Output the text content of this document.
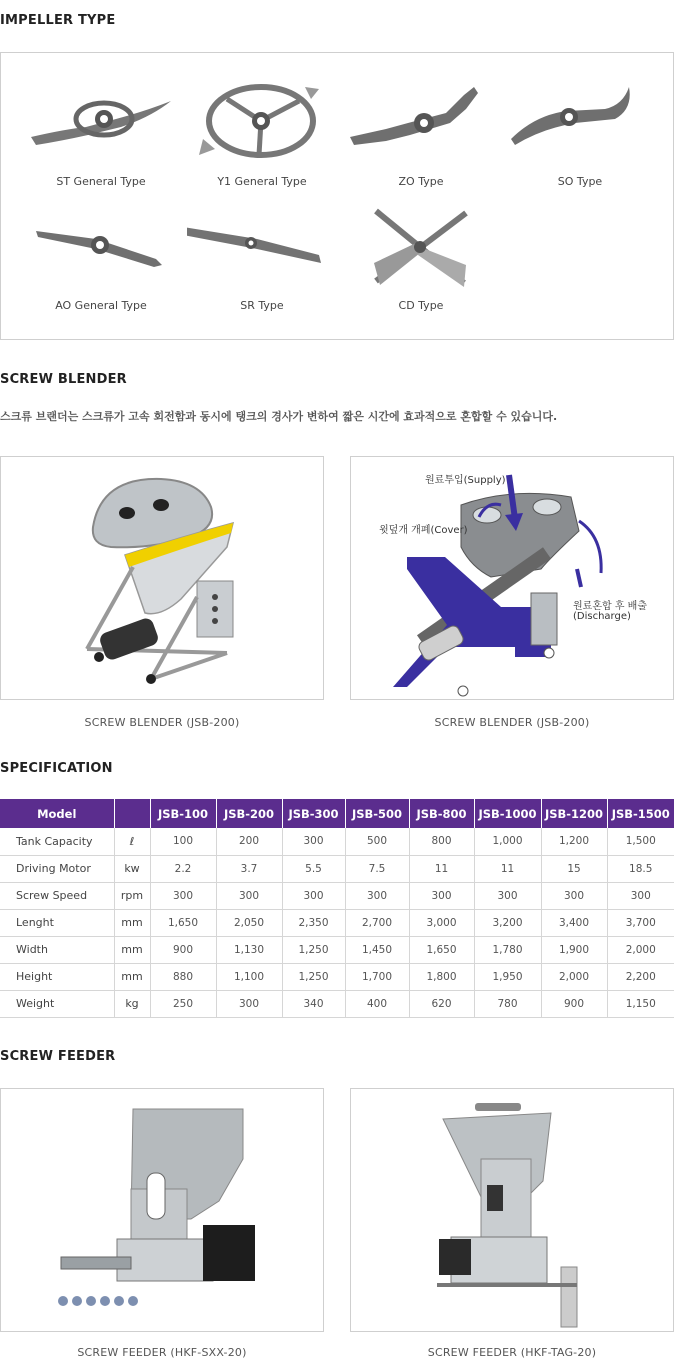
IMPELLER TYPE
ST General Type	Y1 General Type	ZO Type	SO Type
AO General Type	SR Type	CD Type
SCREW BLENDER
스크류 브랜더는 스크류가 고속 회전함과 동시에 탱크의 경사가 변하여 짧은 시간에 효과적으로 혼합할 수 있습니다.
SCREW BLENDER (JSB-200)
원료투입(Supply)
윗덮개 개폐(Cover)
원료혼합 후 배출
(Discharge)
SCREW BLENDER (JSB-200)
SPECIFICATION
Model		JSB-100	JSB-200	JSB-300	JSB-500	JSB-800	JSB-1000	JSB-1200	JSB-1500
Tank Capacity	ℓ	100	200	300	500	800	1,000	1,200	1,500
Driving Motor	kw	2.2	3.7	5.5	7.5	11	11	15	18.5
Screw Speed	rpm	300	300	300	300	300	300	300	300
Lenght	mm	1,650	2,050	2,350	2,700	3,000	3,200	3,400	3,700
Width	mm	900	1,130	1,250	1,450	1,650	1,780	1,900	2,000
Height	mm	880	1,100	1,250	1,700	1,800	1,950	2,000	2,200
Weight	kg	250	300	340	400	620	780	900	1,150
SCREW FEEDER
SCREW FEEDER (HKF-SXX-20)	SCREW FEEDER (HKF-TAG-20)
